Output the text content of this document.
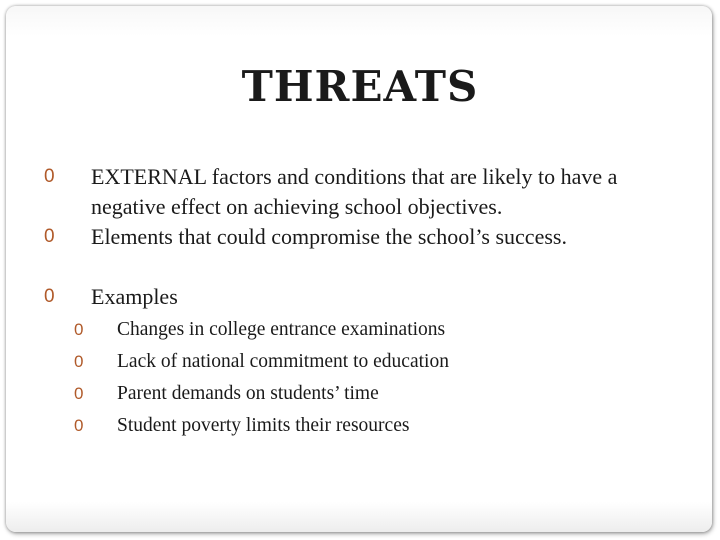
THREATS
0 EXTERNAL factors and conditions that are likely to have a negative effect on achieving school objectives.
0 Elements that could compromise the school’s success.
0 Examples
0 Changes in college entrance examinations
0 Lack of national commitment to education
0 Parent demands on students’ time
0 Student poverty limits their resources
